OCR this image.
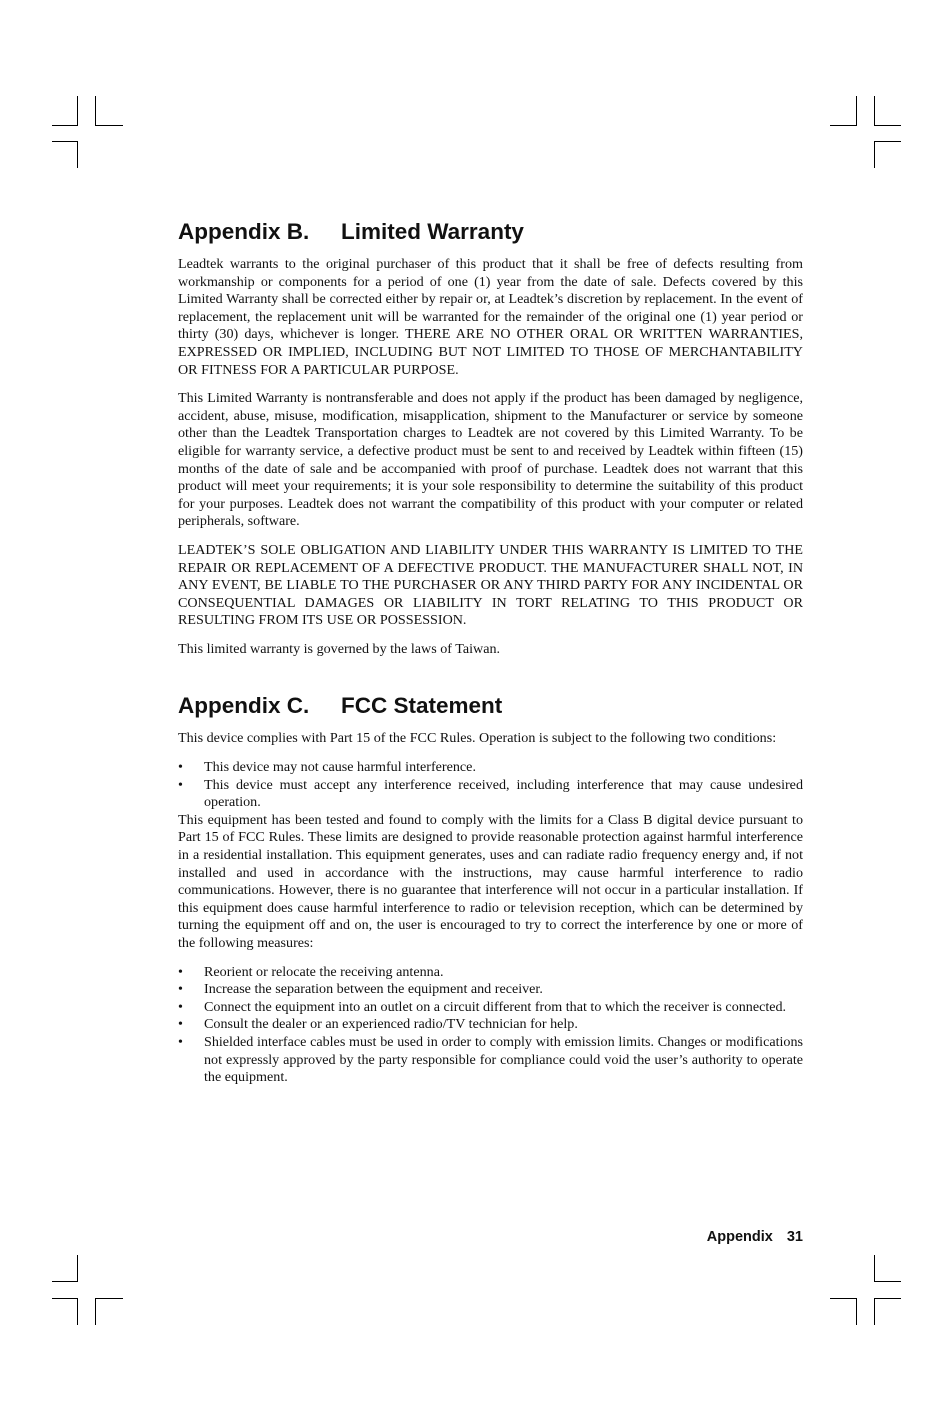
Appendix B. Limited Warranty

Leadtek warrants to the original purchaser of this product that it shall be free of defects resulting from workmanship or components for a period of one (1) year from the date of sale. Defects covered by this Limited Warranty shall be corrected either by repair or, at Leadtek’s discretion by replacement. In the event of replacement, the replacement unit will be warranted for the remainder of the original one (1) year period or thirty (30) days, whichever is longer. THERE ARE NO OTHER ORAL OR WRITTEN WARRANTIES, EXPRESSED OR IMPLIED, INCLUDING BUT NOT LIMITED TO THOSE OF MERCHANTABILITY OR FITNESS FOR A PARTICULAR PURPOSE.

This Limited Warranty is nontransferable and does not apply if the product has been damaged by negligence, accident, abuse, misuse, modification, misapplication, shipment to the Manufacturer or service by someone other than the Leadtek Transportation charges to Leadtek are not covered by this Limited Warranty. To be eligible for warranty service, a defective product must be sent to and received by Leadtek within fifteen (15) months of the date of sale and be accompanied with proof of purchase. Leadtek does not warrant that this product will meet your requirements; it is your sole responsibility to determine the suitability of this product for your purposes. Leadtek does not warrant the compatibility of this product with your computer or related peripherals, software.

LEADTEK’S SOLE OBLIGATION AND LIABILITY UNDER THIS WARRANTY IS LIMITED TO THE REPAIR OR REPLACEMENT OF A DEFECTIVE PRODUCT. THE MANUFACTURER SHALL NOT, IN ANY EVENT, BE LIABLE TO THE PURCHASER OR ANY THIRD PARTY FOR ANY INCIDENTAL OR CONSEQUENTIAL DAMAGES OR LIABILITY IN TORT RELATING TO THIS PRODUCT OR RESULTING FROM ITS USE OR POSSESSION.

This limited warranty is governed by the laws of Taiwan.

Appendix C. FCC Statement

This device complies with Part 15 of the FCC Rules. Operation is subject to the following two conditions:

• This device may not cause harmful interference.
• This device must accept any interference received, including interference that may cause undesired operation.

This equipment has been tested and found to comply with the limits for a Class B digital device pursuant to Part 15 of FCC Rules. These limits are designed to provide reasonable protection against harmful interference in a residential installation. This equipment generates, uses and can radiate radio frequency energy and, if not installed and used in accordance with the instructions, may cause harmful interference to radio communications. However, there is no guarantee that interference will not occur in a particular installation. If this equipment does cause harmful interference to radio or television reception, which can be determined by turning the equipment off and on, the user is encouraged to try to correct the interference by one or more of the following measures:

• Reorient or relocate the receiving antenna.
• Increase the separation between the equipment and receiver.
• Connect the equipment into an outlet on a circuit different from that to which the receiver is connected.
• Consult the dealer or an experienced radio/TV technician for help.
• Shielded interface cables must be used in order to comply with emission limits. Changes or modifications not expressly approved by the party responsible for compliance could void the user’s authority to operate the equipment.
Appendix 31
